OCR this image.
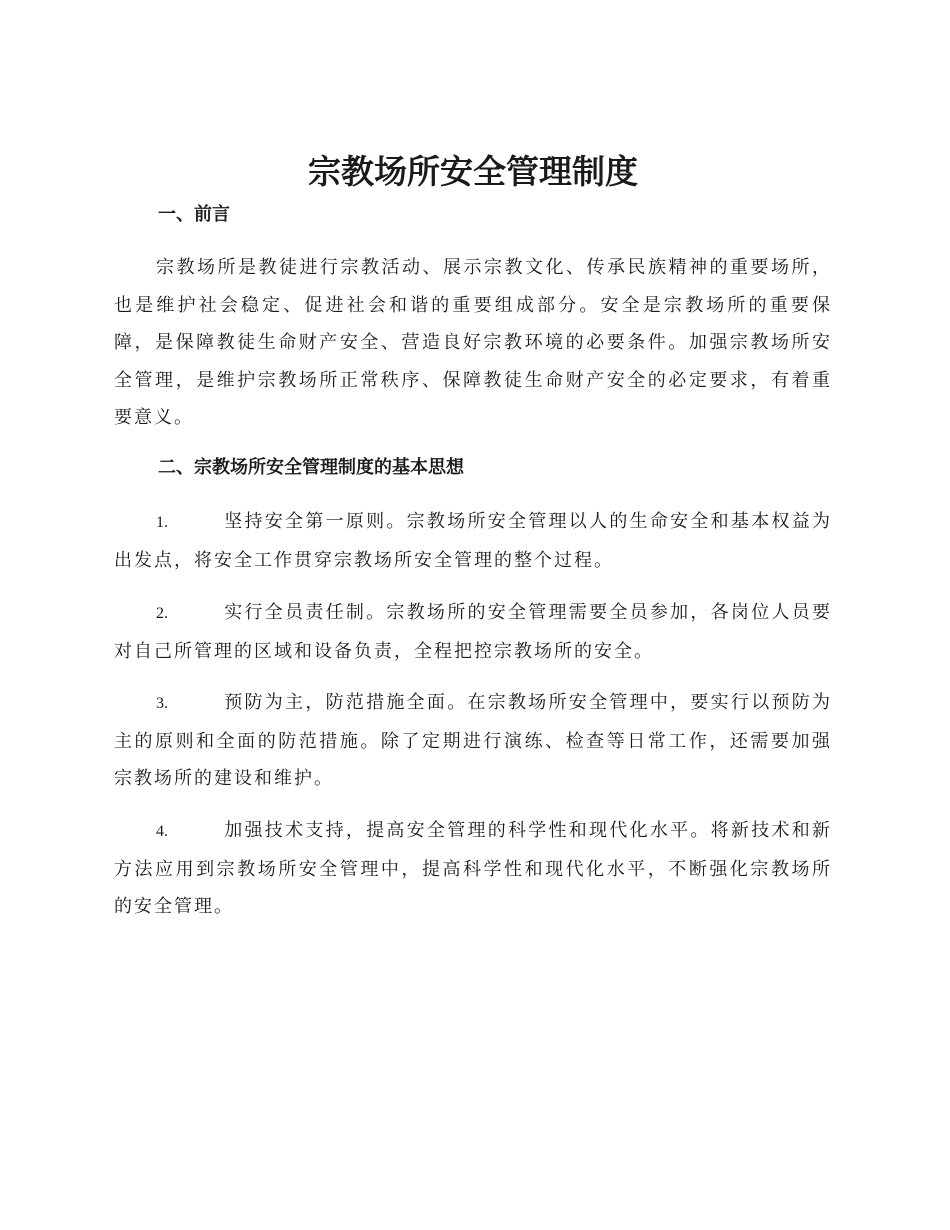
宗教场所安全管理制度
一、前言

宗教场所是教徒进行宗教活动、展示宗教文化、传承民族精神的重要场所，也是维护社会稳定、促进社会和谐的重要组成部分。安全是宗教场所的重要保障，是保障教徒生命财产安全、营造良好宗教环境的必要条件。加强宗教场所安全管理，是维护宗教场所正常秩序、保障教徒生命财产安全的必定要求，有着重要意义。

二、宗教场所安全管理制度的基本思想

1.	坚持安全第一原则。宗教场所安全管理以人的生命安全和基本权益为出发点，将安全工作贯穿宗教场所安全管理的整个过程。

2.	实行全员责任制。宗教场所的安全管理需要全员参加，各岗位人员要对自己所管理的区域和设备负责，全程把控宗教场所的安全。

3.	预防为主，防范措施全面。在宗教场所安全管理中，要实行以预防为主的原则和全面的防范措施。除了定期进行演练、检查等日常工作，还需要加强宗教场所的建设和维护。

4.	加强技术支持，提高安全管理的科学性和现代化水平。将新技术和新方法应用到宗教场所安全管理中，提高科学性和现代化水平，不断强化宗教场所的安全管理。
